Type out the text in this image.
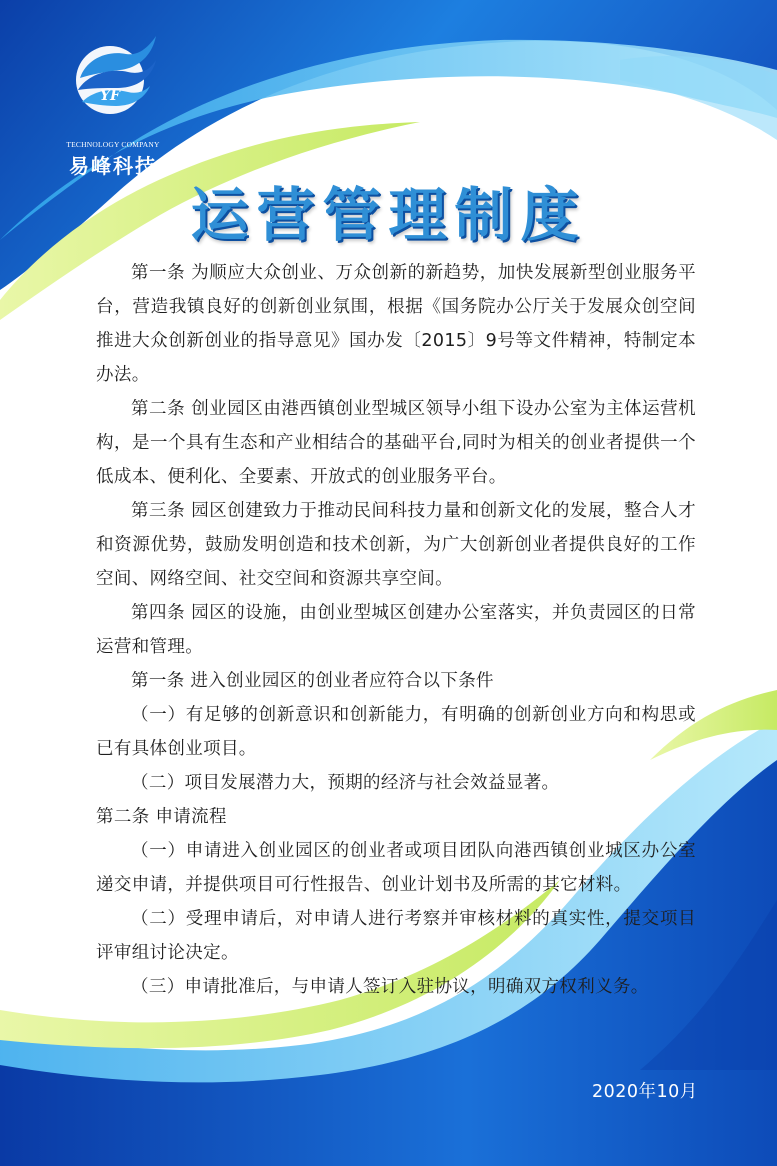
YF
TECHNOLOGY COMPANY
易峰科技
运营管理制度

第一条 为顺应大众创业、万众创新的新趋势，加快发展新型创业服务平台，营造我镇良好的创新创业氛围，根据《国务院办公厅关于发展众创空间推进大众创新创业的指导意见》国办发〔2015〕9号等文件精神，特制定本办法。

第二条 创业园区由港西镇创业型城区领导小组下设办公室为主体运营机构，是一个具有生态和产业相结合的基础平台,同时为相关的创业者提供一个低成本、便利化、全要素、开放式的创业服务平台。

第三条 园区创建致力于推动民间科技力量和创新文化的发展，整合人才和资源优势，鼓励发明创造和技术创新，为广大创新创业者提供良好的工作空间、网络空间、社交空间和资源共享空间。

第四条 园区的设施，由创业型城区创建办公室落实，并负责园区的日常运营和管理。

第一条 进入创业园区的创业者应符合以下条件

（一）有足够的创新意识和创新能力，有明确的创新创业方向和构思或已有具体创业项目。

（二）项目发展潜力大，预期的经济与社会效益显著。

第二条 申请流程

（一）申请进入创业园区的创业者或项目团队向港西镇创业城区办公室递交申请，并提供项目可行性报告、创业计划书及所需的其它材料。

（二）受理申请后，对申请人进行考察并审核材料的真实性，提交项目评审组讨论决定。

（三）申请批准后，与申请人签订入驻协议，明确双方权利义务。

2020年10月
